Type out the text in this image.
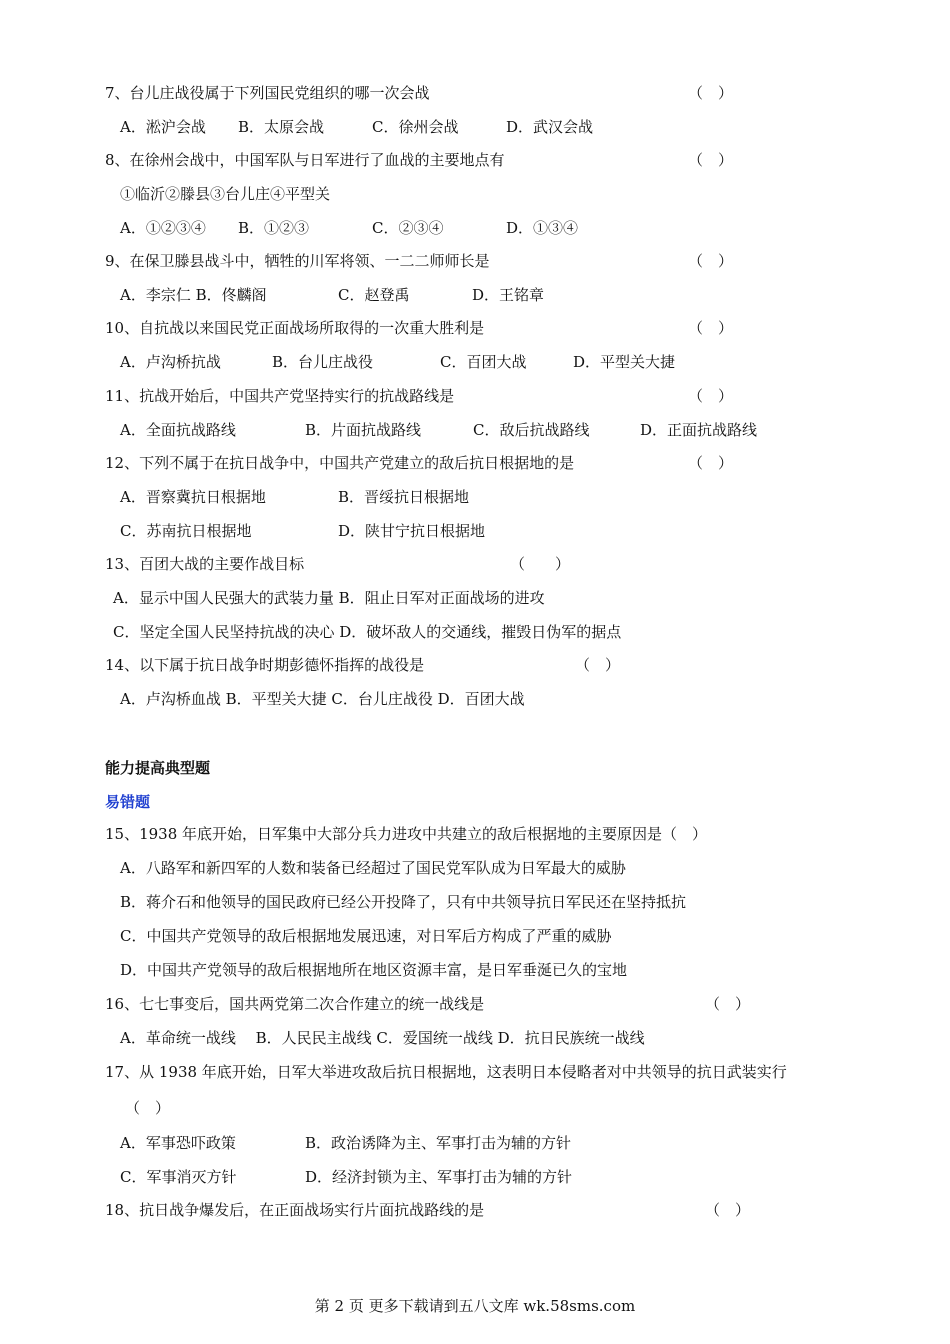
7、台儿庄战役属于下列国民党组织的哪一次会战	（　）
A．淞沪会战 B．太原会战	C．徐州会战	D．武汉会战
8、在徐州会战中，中国军队与日军进行了血战的主要地点有	（　）
①临沂②滕县③台儿庄④平型关
A．①②③④ B．①②③	C．②③④	D．①③④
9、在保卫滕县战斗中，牺牲的川军将领、一二二师师长是	（　）
A．李宗仁 B．佟麟阁	C．赵登禹	D．王铭章
10、自抗战以来国民党正面战场所取得的一次重大胜利是	（　）
A．卢沟桥抗战	B．台儿庄战役	C．百团大战	D．平型关大捷
11、抗战开始后，中国共产党坚持实行的抗战路线是	（　）
A．全面抗战路线	B．片面抗战路线	C．敌后抗战路线	D．正面抗战路线
12、下列不属于在抗日战争中，中国共产党建立的敌后抗日根据地的是	（　）
A．晋察冀抗日根据地	B．晋绥抗日根据地
C．苏南抗日根据地	D．陕甘宁抗日根据地
13、百团大战的主要作战目标	（　　）
A．显示中国人民强大的武装力量 B．阻止日军对正面战场的进攻
C．坚定全国人民坚持抗战的决心 D．破坏敌人的交通线，摧毁日伪军的据点
14、以下属于抗日战争时期彭德怀指挥的战役是	（　）
A．卢沟桥血战 B．平型关大捷 C．台儿庄战役 D．百团大战
能力提高典型题
易错题
15、1938 年底开始，日军集中大部分兵力进攻中共建立的敌后根据地的主要原因是（　）
A．八路军和新四军的人数和装备已经超过了国民党军队成为日军最大的威胁
B．蒋介石和他领导的国民政府已经公开投降了，只有中共领导抗日军民还在坚持抵抗
C．中国共产党领导的敌后根据地发展迅速，对日军后方构成了严重的威胁
D．中国共产党领导的敌后根据地所在地区资源丰富，是日军垂涎已久的宝地
16、七七事变后，国共两党第二次合作建立的统一战线是	（　）
A．革命统一战线　 B．人民民主战线 C．爱国统一战线 D．抗日民族统一战线
17、从 1938 年底开始，日军大举进攻敌后抗日根据地，这表明日本侵略者对中共领导的抗日武装实行
（　）
A．军事恐吓政策	B．政治诱降为主、军事打击为辅的方针
C．军事消灭方针	D．经济封锁为主、军事打击为辅的方针
18、抗日战争爆发后，在正面战场实行片面抗战路线的是	（　）
第 2 页 更多下载请到五八文库 wk.58sms.com
